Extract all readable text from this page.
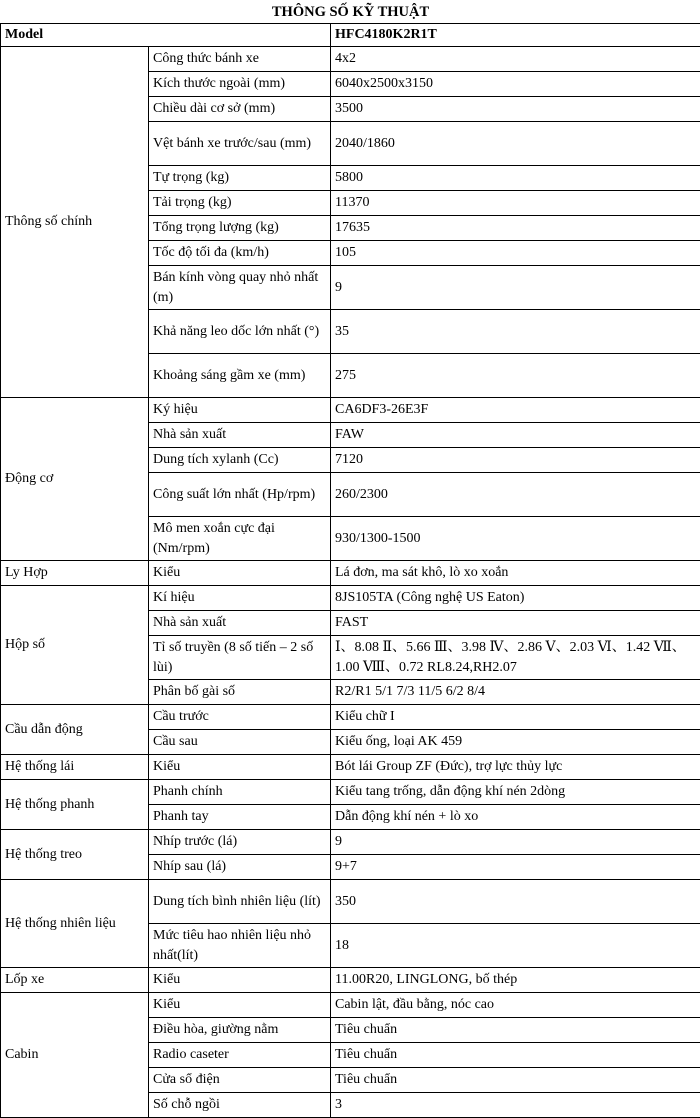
THÔNG SỐ KỸ THUẬT		
Model		HFC4180K2R1T
Thông số chính	Công thức bánh xe	4x2
	Kích thước ngoài (mm)	6040x2500x3150
	Chiều dài cơ sở (mm)	3500
	Vệt bánh xe trước/sau (mm)	2040/1860
	Tự trọng (kg)	5800
	Tải trọng (kg)	11370
	Tổng trọng lượng (kg)	17635
	Tốc độ tối đa (km/h)	105
	Bán kính vòng quay nhỏ nhất (m)	9
	Khả năng leo dốc lớn nhất (°)	35
	Khoảng sáng gầm xe (mm)	275
Động cơ	Ký hiệu	CA6DF3-26E3F
	Nhà sản xuất	FAW
	Dung tích xylanh (Cc)	7120
	Công suất lớn nhất (Hp/rpm)	260/2300
	Mô men xoắn cực đại (Nm/rpm)	930/1300-1500
Ly Hợp	Kiểu	Lá đơn, ma sát khô, lò xo xoắn
Hộp số	Kí hiệu	8JS105TA (Công nghệ US Eaton)
	Nhà sản xuất	FAST
	Tỉ số truyền (8 số tiến – 2 số lùi)	Ⅰ、8.08 Ⅱ、5.66 Ⅲ、3.98 Ⅳ、2.86 Ⅴ、2.03 Ⅵ、1.42 Ⅶ、1.00 Ⅷ、0.72 RL8.24,RH2.07
	Phân bố gài số	R2/R1 5/1 7/3 11/5 6/2 8/4
Cầu dẫn động	Cầu trước	Kiểu chữ I
	Cầu sau	Kiểu ống, loại AK 459
Hệ thống lái	Kiểu	Bót lái Group ZF (Đức), trợ lực thủy lực
Hệ thống phanh	Phanh chính	Kiểu tang trống, dẫn động khí nén 2dòng
	Phanh tay	Dẫn động khí nén + lò xo
Hệ thống treo	Nhíp trước (lá)	9
	Nhíp sau (lá)	9+7
Hệ thống nhiên liệu	Dung tích bình nhiên liệu (lít)	350
	Mức tiêu hao nhiên liệu nhỏ nhất(lít)	18
Lốp xe	Kiểu	11.00R20, LINGLONG, bố thép
Cabin	Kiểu	Cabin lật, đầu bằng, nóc cao
	Điều hòa, giường nằm	Tiêu chuẩn
	Radio caseter	Tiêu chuẩn
	Cửa sổ điện	Tiêu chuẩn
	Số chỗ ngồi	3
